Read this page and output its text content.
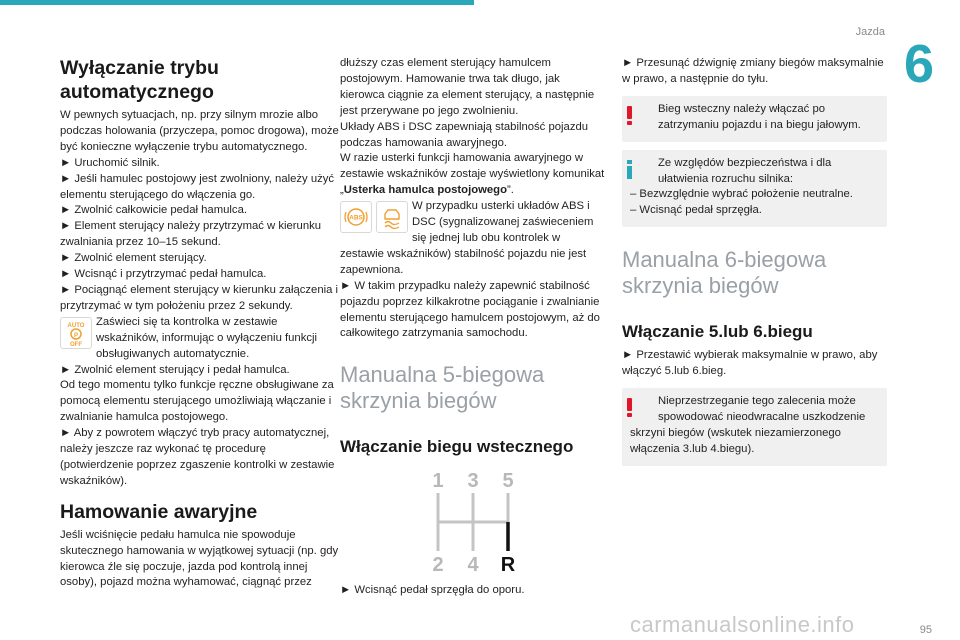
Jazda
6
Wyłączanie trybu automatycznego

W pewnych sytuacjach, np. przy silnym mrozie albo podczas holowania (przyczepa, pomoc drogowa), może być konieczne wyłączenie trybu automatycznego.

► Uruchomić silnik.

► Jeśli hamulec postojowy jest zwolniony, należy użyć elementu sterującego do włączenia go.

► Zwolnić całkowicie pedał hamulca.

► Element sterujący należy przytrzymać w kierunku zwalniania przez 10–15 sekund.

► Zwolnić element sterujący.

► Wcisnąć i przytrzymać pedał hamulca.

► Pociągnąć element sterujący w kierunku załączenia i przytrzymać w tym położeniu przez 2 sekundy.

AUTO
P
OFF

Zaświeci się ta kontrolka w zestawie wskaźników, informując o wyłączeniu funkcji obsługiwanych automatycznie.

► Zwolnić element sterujący i pedał hamulca.

Od tego momentu tylko funkcje ręczne obsługiwane za pomocą elementu sterującego umożliwiają włączanie i zwalnianie hamulca postojowego.

► Aby z powrotem włączyć tryb pracy automatycznej, należy jeszcze raz wykonać tę procedurę (potwierdzenie poprzez zgaszenie kontrolki w zestawie wskaźników).

Hamowanie awaryjne

Jeśli wciśnięcie pedału hamulca nie spowoduje skutecznego hamowania w wyjątkowej sytuacji (np. gdy kierowca źle się poczuje, jazda pod kontrolą innej osoby), pojazd można wyhamować, ciągnąć przez

dłuższy czas element sterujący hamulcem postojowym. Hamowanie trwa tak długo, jak kierowca ciągnie za element sterujący, a następnie jest przerywane po jego zwolnieniu.

Układy ABS i DSC zapewniają stabilność pojazdu podczas hamowania awaryjnego.

W razie usterki funkcji hamowania awaryjnego w zestawie wskaźników zostaje wyświetlony komunikat „Usterka hamulca postojowego”.

ABS

W przypadku usterki układów ABS i DSC (sygnalizowanej zaświeceniem się jednej lub obu kontrolek w zestawie wskaźników) stabilność pojazdu nie jest zapewniona.

► W takim przypadku należy zapewnić stabilność pojazdu poprzez kilkakrotne pociąganie i zwalnianie elementu sterującego hamulcem postojowym, aż do całkowitego zatrzymania samochodu.

Manualna 5-biegowa skrzynia biegów
Włączanie biegu wstecznego
1 3 5
2 4 R

► Wcisnąć pedał sprzęgła do oporu.

► Przesunąć dźwignię zmiany biegów maksymalnie w prawo, a następnie do tyłu.

Bieg wsteczny należy włączać po zatrzymaniu pojazdu i na biegu jałowym.

Ze względów bezpieczeństwa i dla ułatwienia rozruchu silnika:

– Bezwzględnie wybrać położenie neutralne.

– Wcisnąć pedał sprzęgła.

Manualna 6-biegowa skrzynia biegów
Włączanie 5.lub 6.biegu

► Przestawić wybierak maksymalnie w prawo, aby włączyć 5.lub 6.bieg.

Nieprzestrzeganie tego zalecenia może spowodować nieodwracalne uszkodzenie

skrzyni biegów (wskutek niezamierzonego włączenia 3.lub 4.biegu).

carmanualsonline.info	95
